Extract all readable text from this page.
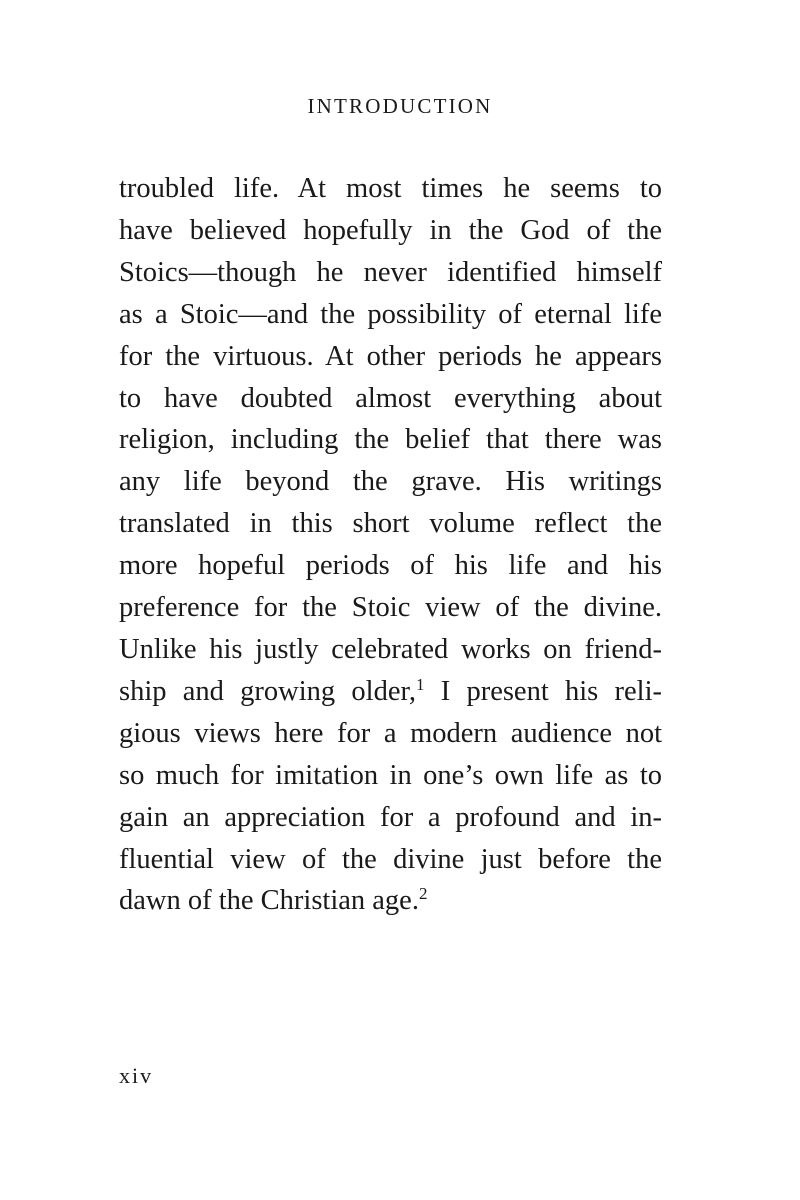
INTRODUCTION
troubled life. At most times he seems to
have believed hopefully in the God of the
Stoics—though he never identified himself
as a Stoic—and the possibility of eternal life
for the virtuous. At other periods he appears
to have doubted almost everything about
religion, including the belief that there was
any life beyond the grave. His writings
translated in this short volume reflect the
more hopeful periods of his life and his
preference for the Stoic view of the divine.
Unlike his justly celebrated works on friend-
ship and growing older,$^1$ I present his reli-
gious views here for a modern audience not
so much for imitation in one’s own life as to
gain an appreciation for a profound and in-
fluential view of the divine just before the
dawn of the Christian age.$^2$
xiv
